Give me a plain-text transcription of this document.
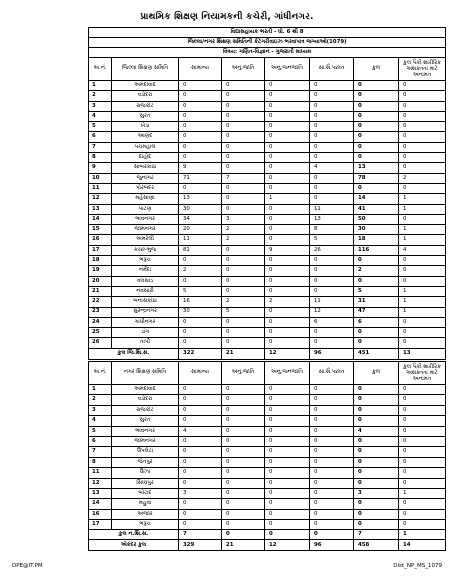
પ્રાથમિક શિક્ષણ નિયામકની કચેરી, ગાંધીનગર.
વિદ્યાસહાયક ભરતી - ધો. 6 થી 8							
જિલ્લા/નગર શિક્ષણ સમિતિની કેટેગરીવાઇઝ ભરવાપાત્ર જગ્યાઓ(1079)							
વિષય: ગણિત-વિજ્ઞાન - ગુજરાતી માધ્યમ							
અ.નં.	જિલ્લા શિક્ષણ સમિતિ	સામાન્ય	અનુ.જાતિ	અનુ.જનજાતિ	સા.શૈ.પછાત	કુલ	કુલ પૈકી શારીરિક અશક્તતા માટે અનામત
1	અમદાવાદ	0	0	0	0	0	0
2	વડોદરા	0	0	0	0	0	0
3	રાજકોટ	0	0	0	0	0	0
4	સુરત	0	0	0	0	0	0
5	ખેડા	0	0	0	0	0	0
6	આણંદ	0	0	0	0	0	0
7	પંચમહાલ	0	0	0	0	0	0
8	દાહોદ	0	0	0	0	0	0
9	સાબરકાંઠા	9	0	0	4	13	0
10	જુનાગઢ	71	7	0	0	78	2
11	પોરબંદર	0	0	0	0	0	0
12	મહેસાણા	13	0	1	0	14	1
13	પાટણ	30	0	0	11	41	1
14	ભાવનગર	34	3	0	13	50	0
15	જામનગર	20	2	0	8	30	1
16	અમરેલી	11	2	0	5	18	1
17	કચ્છ-ભુજ	81	0	9	26	116	4
18	ભરૂચ	0	0	0	0	0	0
19	નર્મદા	2	0	0	0	2	0
20	વલસાડ	0	0	0	0	0	0
21	નવસારી	5	0	0	0	5	1
22	બનાસકાંઠા	16	2	2	11	31	1
23	સુરેન્દ્રનગર	30	5	0	12	47	1
24	ગાંધીનગર	0	0	0	6	6	0
25	ડાંગ	0	0	0	0	0	0
26	તાપી	0	0	0	0	0	0
કુલ જિ.શિ.સ.		322	21	12	96	451	13
અ.નં.	નગર શિક્ષણ સમિતિ	સામાન્ય	અનુ.જાતિ	અનુ.જનજાતિ	સા.શૈ.પછાત	કુલ	કુલ પૈકી શારીરિક અશક્તતા માટે અનામત
1	અમદાવાદ	0	0	0	0	0	0
2	વડોદરા	0	0	0	0	0	0
3	રાજકોટ	0	0	0	0	0	0
4	સુરત	0	0	0	0	0	0
5	ભાવનગર	4	0	0	0	4	0
6	જામનગર	0	0	0	0	0	0
7	ઉપલેટા	0	0	0	0	0	0
8	જેતપુર	0	0	0	0	0	0
11	ઉંઝા	0	0	0	0	0	0
12	સિધ્ધપુર	0	0	0	0	0	0
13	બોટાદ	3	0	0	0	3	1
14	મહુવા	0	0	0	0	0	0
16	અંજાર	0	0	0	0	0	0
17	ભરૂચ	0	0	0	0	0	0
કુલ ન.શિ.સ.		7	0	0	0	7	1
એકંદર કુલ		329	21	12	96	458	14
DPE@IT.PM	Dist_NP_MS_1079
